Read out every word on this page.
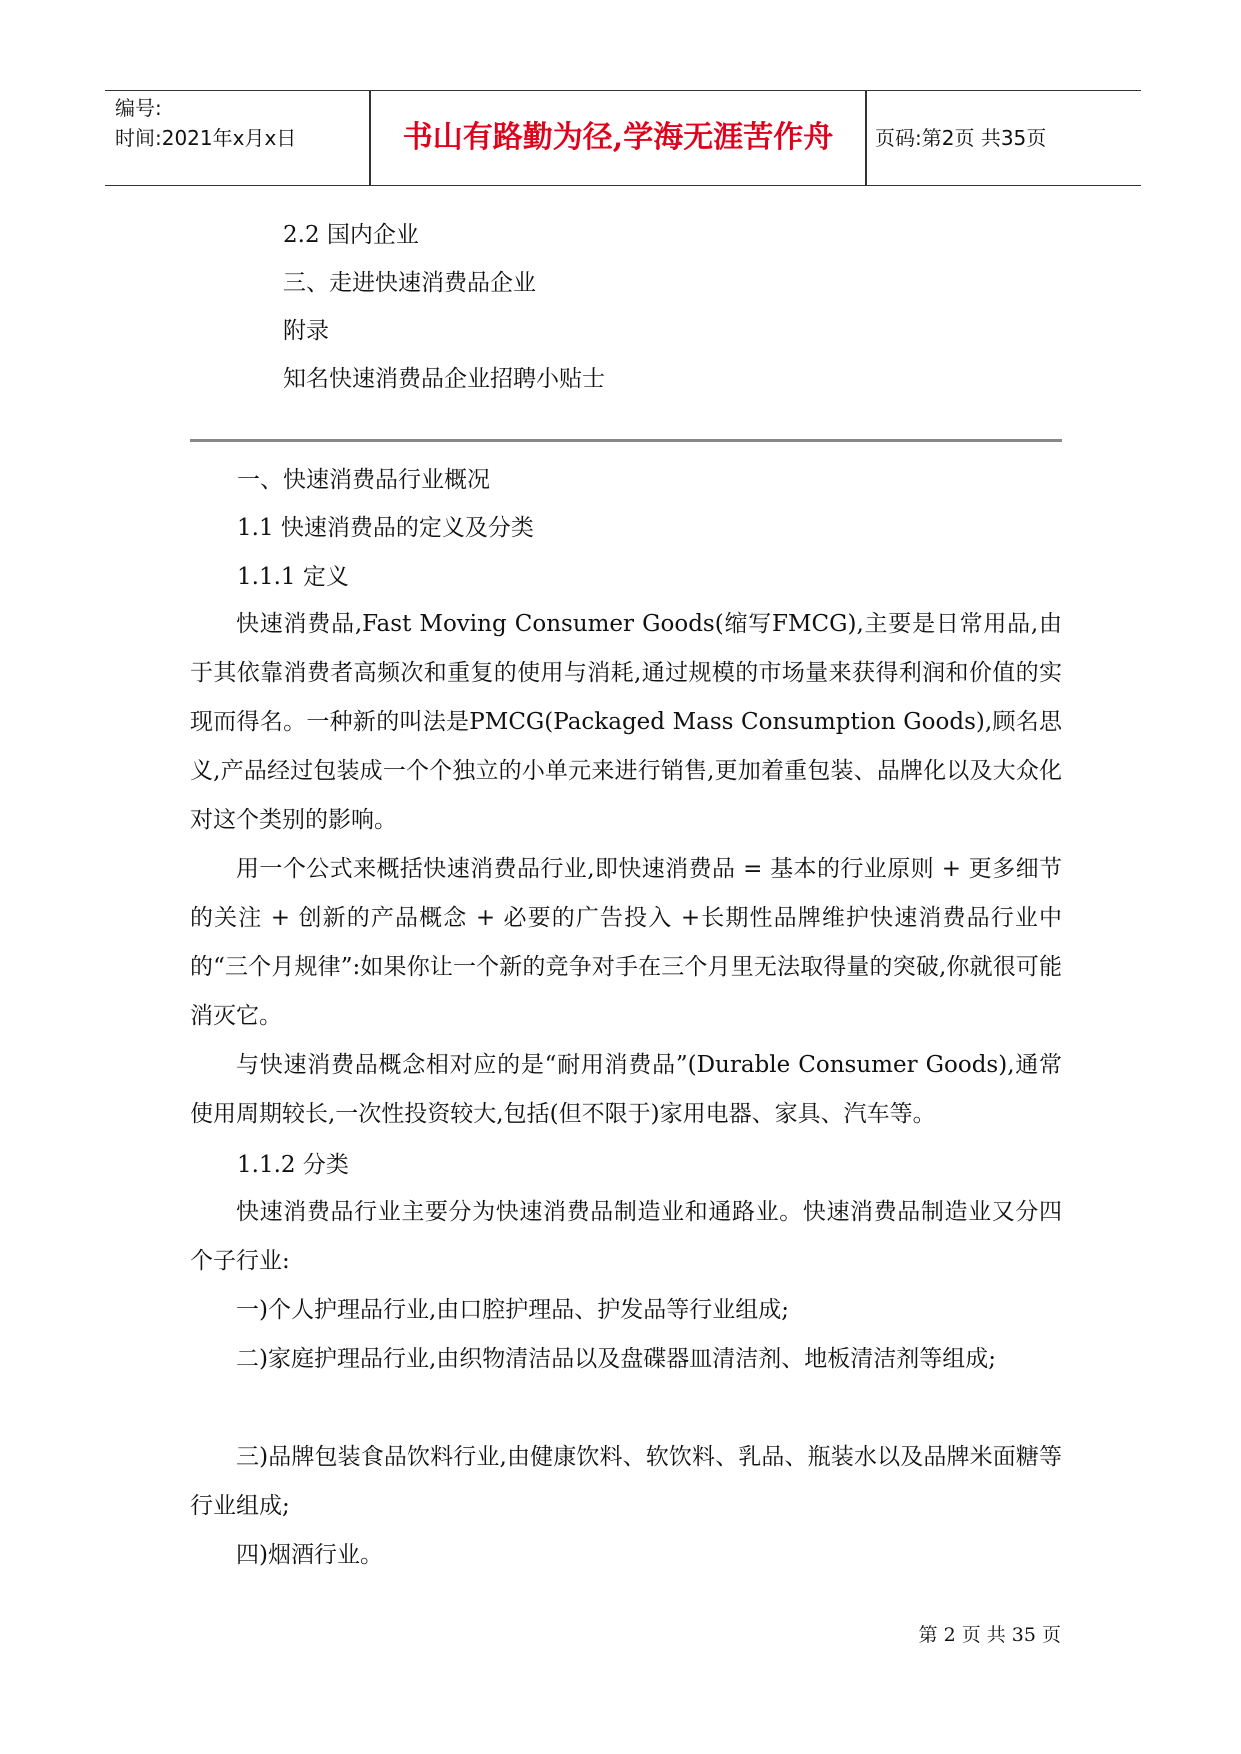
编号:
时间:2021年x月x日	书山有路勤为径,学海无涯苦作舟	页码:第2页 共35页
2.2 国内企业
三、走进快速消费品企业
附录
知名快速消费品企业招聘小贴士
一、快速消费品行业概况
1.1 快速消费品的定义及分类
1.1.1 定义
快速消费品,Fast Moving Consumer Goods(缩写FMCG),主要是日常用品,由于其依靠消费者高频次和重复的使用与消耗,通过规模的市场量来获得利润和价值的实现而得名。一种新的叫法是PMCG(Packaged Mass Consumption Goods),顾名思义,产品经过包装成一个个独立的小单元来进行销售,更加着重包装、品牌化以及大众化对这个类别的影响。
用一个公式来概括快速消费品行业,即快速消费品 = 基本的行业原则 + 更多细节的关注 + 创新的产品概念 + 必要的广告投入 +长期性品牌维护快速消费品行业中的“三个月规律”:如果你让一个新的竞争对手在三个月里无法取得量的突破,你就很可能消灭它。
与快速消费品概念相对应的是“耐用消费品”(Durable Consumer Goods),通常使用周期较长,一次性投资较大,包括(但不限于)家用电器、家具、汽车等。
1.1.2 分类
快速消费品行业主要分为快速消费品制造业和通路业。快速消费品制造业又分四个子行业:
一)个人护理品行业,由口腔护理品、护发品等行业组成;
二)家庭护理品行业,由织物清洁品以及盘碟器皿清洁剂、地板清洁剂等组成;
三)品牌包装食品饮料行业,由健康饮料、软饮料、乳品、瓶装水以及品牌米面糖等行业组成;
四)烟酒行业。
第 2 页 共 35 页
